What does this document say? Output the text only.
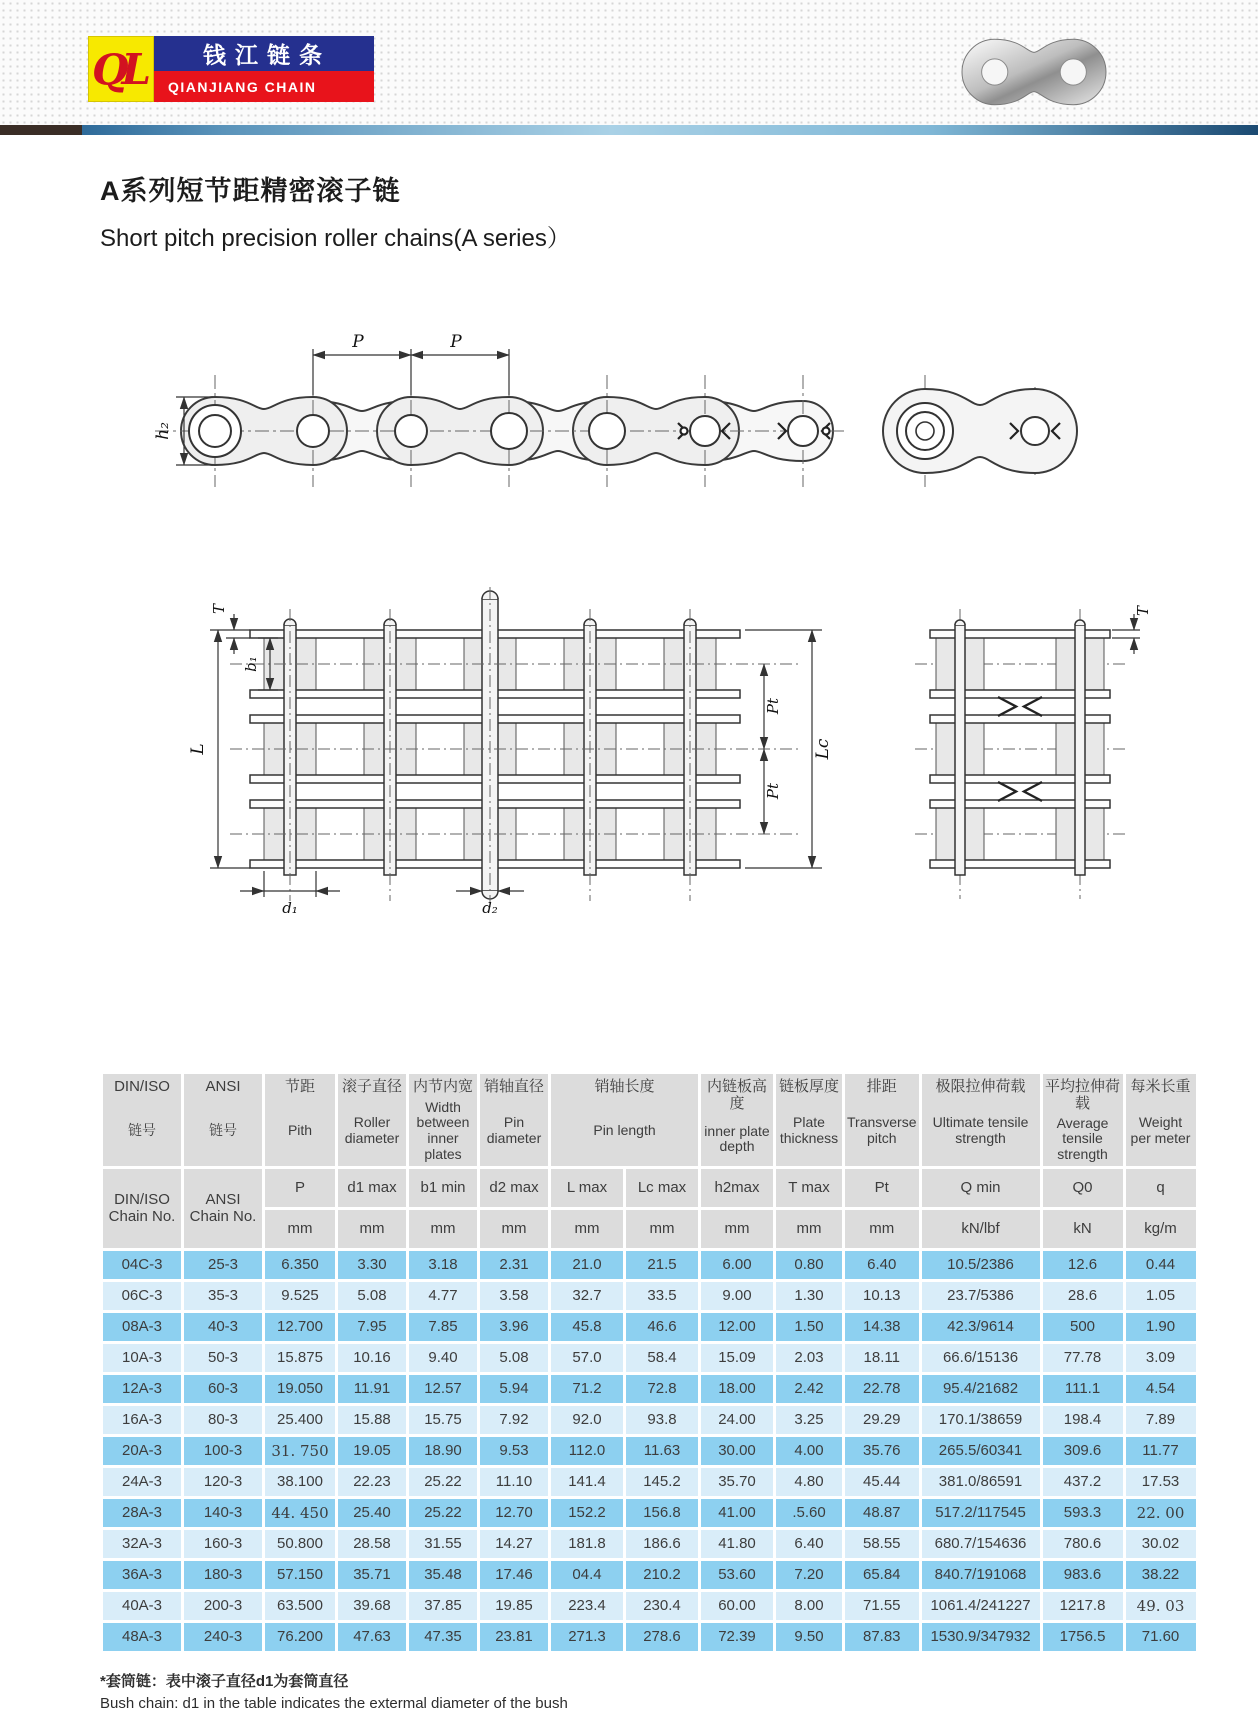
QL	钱江链条
QIANJIANG CHAIN
A系列短节距精密滚子链
Short pitch precision roller chains(A series）
P	P
h₂
L
T
b₁
Pt
Pt
Lc
d₁	d₂
T
DIN/ISO
链号

ANSI
链号

节距
Pith

滚子直径
Roller diameter

内节内宽
Width between inner plates

销轴直径
Pin diameter

销轴长度
Pin length

内链板高度
inner plate depth

链板厚度
Plate thickness

排距
Transverse pitch

极限拉伸荷载
Ultimate tensile strength

平均拉伸荷载
Average tensile strength

每米长重
Weight per meter

DIN/ISO Chain No.	ANSI Chain No.	P	d1 max	b1 min	d2 max	L max	Lc max	h2max	T max	Pt	Q min	Q0	q
		mm	mm	mm	mm	mm	mm	mm	mm	mm	kN/lbf	kN	kg/m
04C-3	25-3	6.350	3.30	3.18	2.31	21.0	21.5	6.00	0.80	6.40	10.5/2386	12.6	0.44
06C-3	35-3	9.525	5.08	4.77	3.58	32.7	33.5	9.00	1.30	10.13	23.7/5386	28.6	1.05
08A-3	40-3	12.700	7.95	7.85	3.96	45.8	46.6	12.00	1.50	14.38	42.3/9614	500	1.90
10A-3	50-3	15.875	10.16	9.40	5.08	57.0	58.4	15.09	2.03	18.11	66.6/15136	77.78	3.09
12A-3	60-3	19.050	11.91	12.57	5.94	71.2	72.8	18.00	2.42	22.78	95.4/21682	111.1	4.54
16A-3	80-3	25.400	15.88	15.75	7.92	92.0	93.8	24.00	3.25	29.29	170.1/38659	198.4	7.89
20A-3	100-3	31. 750	19.05	18.90	9.53	112.0	11.63	30.00	4.00	35.76	265.5/60341	309.6	11.77
24A-3	120-3	38.100	22.23	25.22	11.10	141.4	145.2	35.70	4.80	45.44	381.0/86591	437.2	17.53
28A-3	140-3	44. 450	25.40	25.22	12.70	152.2	156.8	41.00	.5.60	48.87	517.2/117545	593.3	22. 00
32A-3	160-3	50.800	28.58	31.55	14.27	181.8	186.6	41.80	6.40	58.55	680.7/154636	780.6	30.02
36A-3	180-3	57.150	35.71	35.48	17.46	04.4	210.2	53.60	7.20	65.84	840.7/191068	983.6	38.22
40A-3	200-3	63.500	39.68	37.85	19.85	223.4	230.4	60.00	8.00	71.55	1061.4/241227	1217.8	49. 03
48A-3	240-3	76.200	47.63	47.35	23.81	271.3	278.6	72.39	9.50	87.83	1530.9/347932	1756.5	71.60
*套筒链：表中滚子直径d1为套筒直径
Bush chain: d1 in the table indicates the extermal diameter of the bush
